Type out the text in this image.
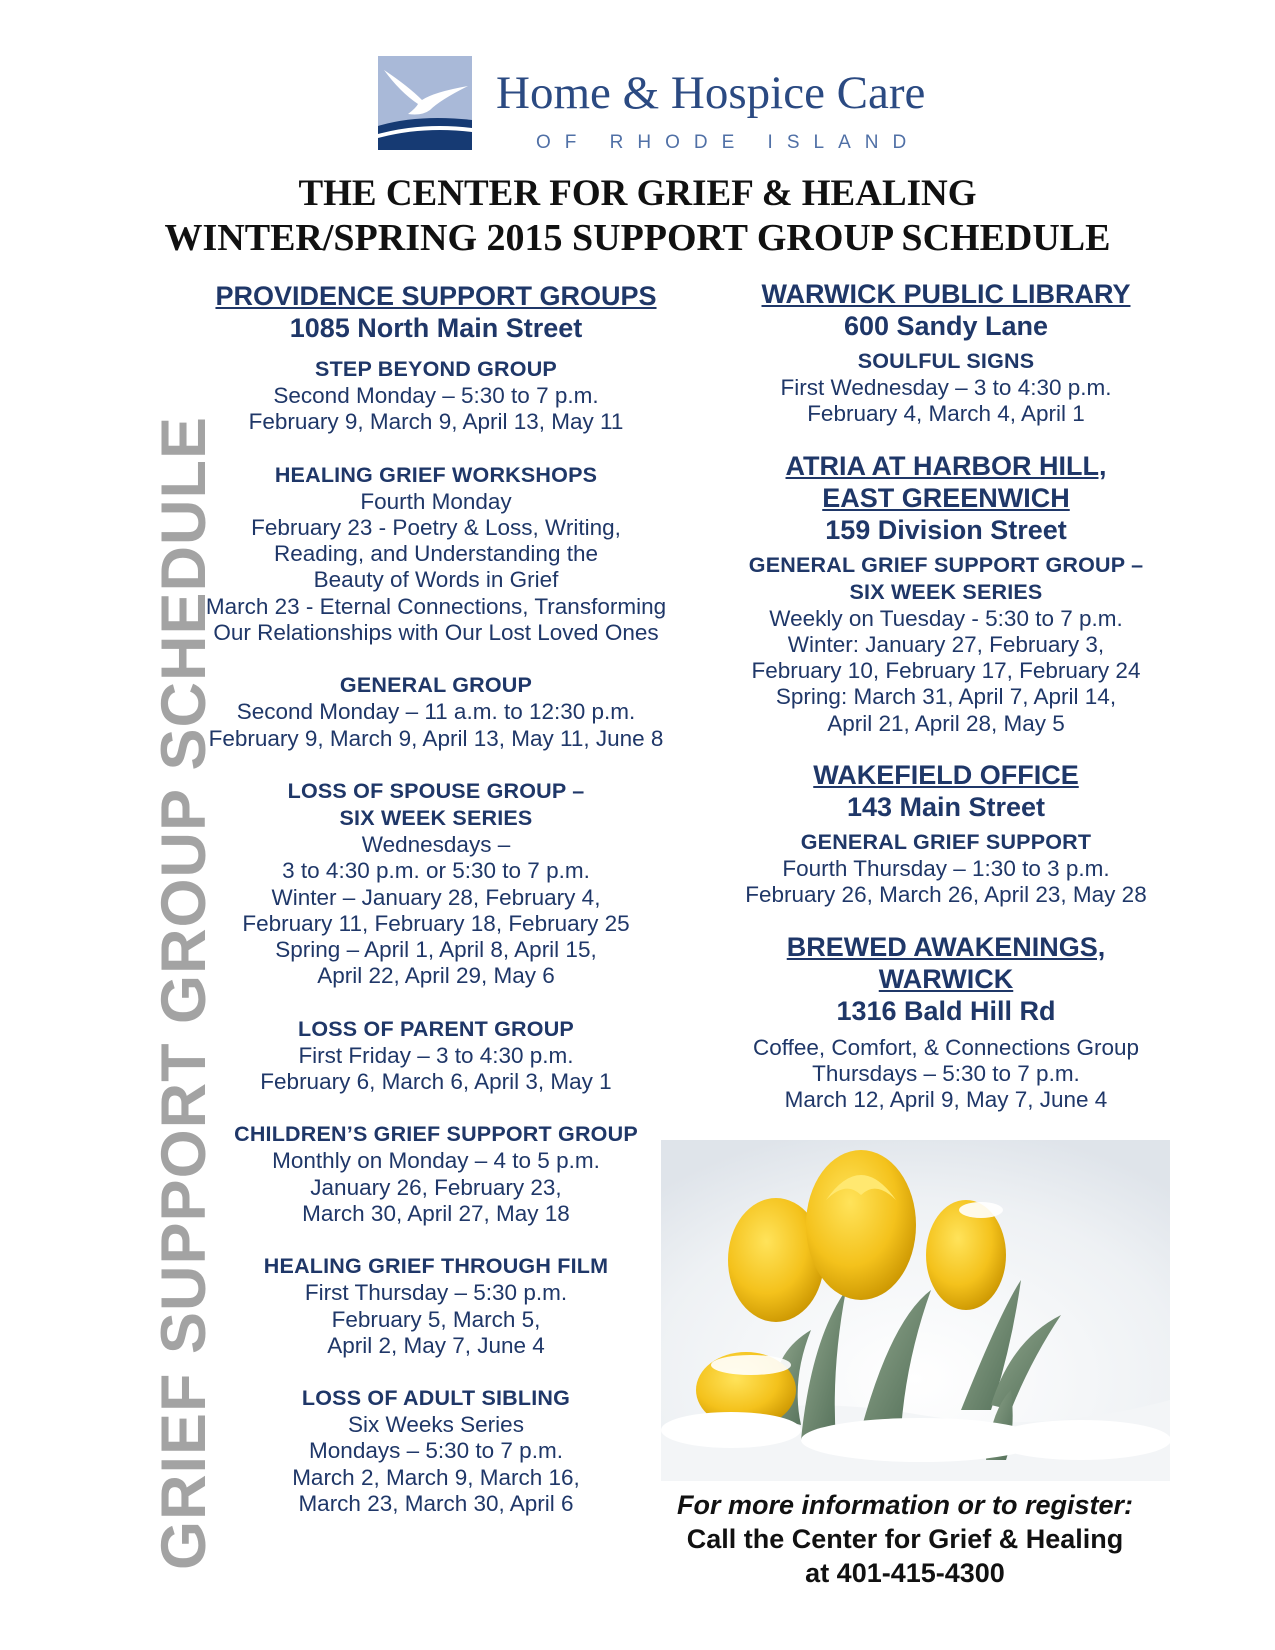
Home & Hospice Care
OF RHODE ISLAND
THE CENTER FOR GRIEF & HEALING
WINTER/SPRING 2015 SUPPORT GROUP SCHEDULE
GRIEF SUPPORT GROUP SCHEDULE
PROVIDENCE SUPPORT GROUPS
1085 North Main Street
STEP BEYOND GROUP
Second Monday – 5:30 to 7 p.m.
February 9, March 9, April 13, May 11
HEALING GRIEF WORKSHOPS
Fourth Monday
February 23 - Poetry & Loss, Writing,
Reading, and Understanding the
Beauty of Words in Grief
March 23 - Eternal Connections, Transforming
Our Relationships with Our Lost Loved Ones
GENERAL GROUP
Second Monday – 11 a.m. to 12:30 p.m.
February 9, March 9, April 13, May 11, June 8
LOSS OF SPOUSE GROUP –
SIX WEEK SERIES
Wednesdays –
3 to 4:30 p.m. or 5:30 to 7 p.m.
Winter – January 28, February 4,
February 11, February 18, February 25
Spring – April 1, April 8, April 15,
April 22, April 29, May 6
LOSS OF PARENT GROUP
First Friday – 3 to 4:30 p.m.
February 6, March 6, April 3, May 1
CHILDREN’S GRIEF SUPPORT GROUP
Monthly on Monday – 4 to 5 p.m.
January 26, February 23,
March 30, April 27, May 18
HEALING GRIEF THROUGH FILM
First Thursday – 5:30 p.m.
February 5, March 5,
April 2, May 7, June 4
LOSS OF ADULT SIBLING
Six Weeks Series
Mondays – 5:30 to 7 p.m.
March 2, March 9, March 16,
March 23, March 30, April 6
WARWICK PUBLIC LIBRARY
600 Sandy Lane
SOULFUL SIGNS
First Wednesday – 3 to 4:30 p.m.
February 4, March 4, April 1
ATRIA AT HARBOR HILL,
EAST GREENWICH
159 Division Street
GENERAL GRIEF SUPPORT GROUP –
SIX WEEK SERIES
Weekly on Tuesday - 5:30 to 7 p.m.
Winter: January 27, February 3,
February 10, February 17, February 24
Spring: March 31, April 7, April 14,
April 21, April 28, May 5
WAKEFIELD OFFICE
143 Main Street
GENERAL GRIEF SUPPORT
Fourth Thursday – 1:30 to 3 p.m.
February 26, March 26, April 23, May 28
BREWED AWAKENINGS,
WARWICK
1316 Bald Hill Rd
Coffee, Comfort, & Connections Group
Thursdays – 5:30 to 7 p.m.
March 12, April 9, May 7, June 4
For more information or to register:
Call the Center for Grief & Healing
at 401-415-4300
